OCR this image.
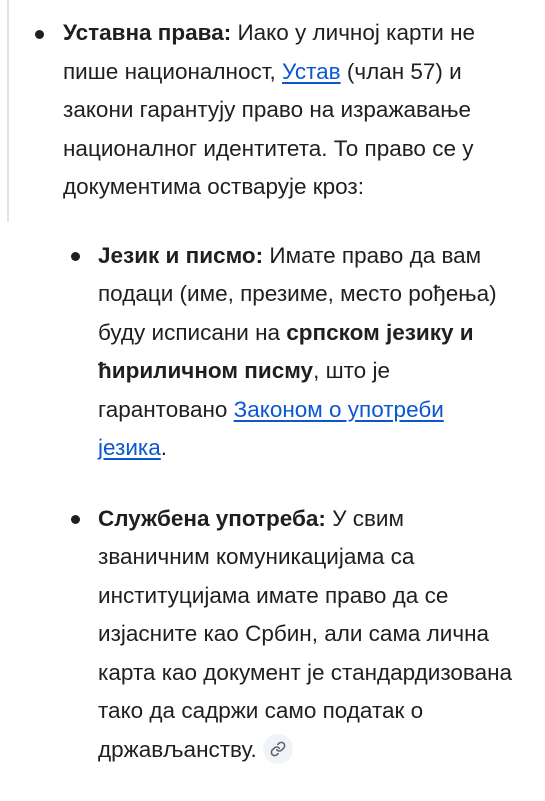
Уставна права: Иако у личној карти не пише националност, Устав (члан 57) и закони гарантују право на изражавање националног идентитета. То право се у документима остварује кроз:
Језик и писмо: Имате право да вам подаци (име, презиме, место рођења) буду исписани на српском језику и ћириличном писму, што је гарантовано Законом о употреби језика.
Службена употреба: У свим званичним комуникацијама са институцијама имате право да се изјасните као Србин, али сама лична карта као документ је стандардизована тако да садржи само податак о држављанству.
